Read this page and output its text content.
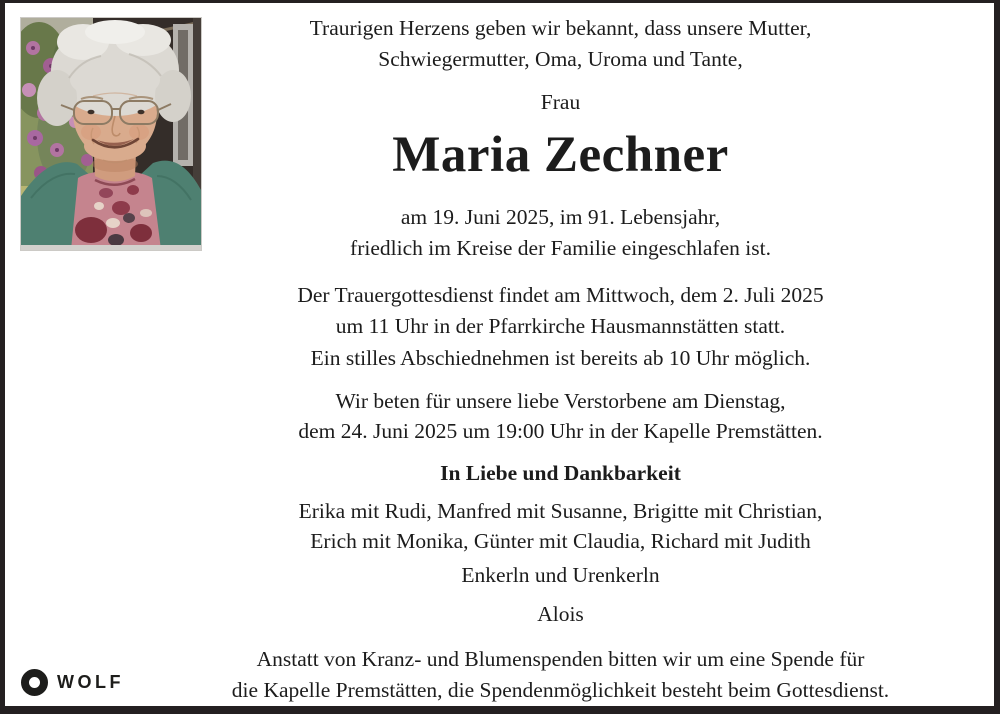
Traurigen Herzens geben wir bekannt, dass unsere Mutter,
Schwiegermutter, Oma, Uroma und Tante,
Frau
Maria Zechner
am 19. Juni 2025, im 91. Lebensjahr,
friedlich im Kreise der Familie eingeschlafen ist.
Der Trauergottesdienst findet am Mittwoch, dem 2. Juli 2025
um 11 Uhr in der Pfarrkirche Hausmannstätten statt.
Ein stilles Abschiednehmen ist bereits ab 10 Uhr möglich.
Wir beten für unsere liebe Verstorbene am Dienstag,
dem 24. Juni 2025 um 19:00 Uhr in der Kapelle Premstätten.
In Liebe und Dankbarkeit
Erika mit Rudi, Manfred mit Susanne, Brigitte mit Christian,
Erich mit Monika, Günter mit Claudia, Richard mit Judith
Enkerln und Urenkerln
Alois
Anstatt von Kranz- und Blumenspenden bitten wir um eine Spende für
die Kapelle Premstätten, die Spendenmöglichkeit besteht beim Gottesdienst.
WOLF
